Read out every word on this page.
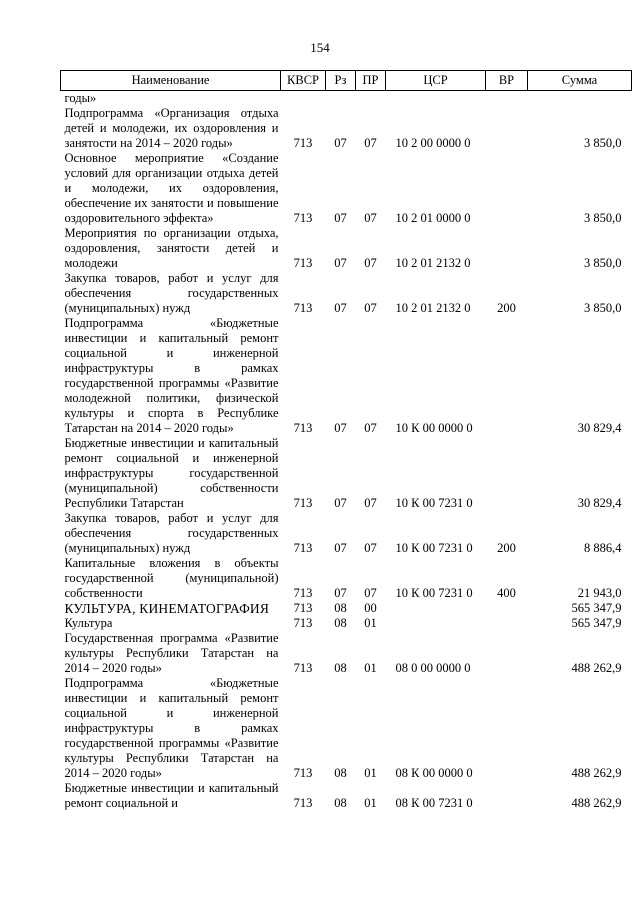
154
Наименование	КВСР	Рз	ПР	ЦСР	ВР	Сумма

годы»						

Подпрограмма «Организация отдыха детей и молодежи, их оздоровления и занятости на 2014 – 2020 годы»	713	07	07	10 2 00 0000 0		3 850,0
Основное мероприятие «Создание условий для организации отдыха детей и молодежи, их оздоровления, обеспечение их занятости и повышение оздоровительного эффекта»	713	07	07	10 2 01 0000 0		3 850,0
Мероприятия по организации отдыха, оздоровления, занятости детей и молодежи	713	07	07	10 2 01 2132 0		3 850,0
Закупка товаров, работ и услуг для обеспечения государственных (муниципальных) нужд	713	07	07	10 2 01 2132 0	200	3 850,0
Подпрограмма «Бюджетные инвестиции и капитальный ремонт социальной и инженерной инфраструктуры в рамках государственной программы «Развитие молодежной политики, физической культуры и спорта в Республике Татарстан на 2014 – 2020 годы»	713	07	07	10 К 00 0000 0		30 829,4
Бюджетные инвестиции и капитальный ремонт социальной и инженерной инфраструктуры государственной (муниципальной) собственности Республики Татарстан	713	07	07	10 К 00 7231 0		30 829,4
Закупка товаров, работ и услуг для обеспечения государственных (муниципальных) нужд	713	07	07	10 К 00 7231 0	200	8 886,4
Капитальные вложения в объекты государственной (муниципальной) собственности	713	07	07	10 К 00 7231 0	400	21 943,0
КУЛЬТУРА, КИНЕМАТОГРАФИЯ	713	08	00			565 347,9
Культура	713	08	01			565 347,9
Государственная программа «Развитие культуры Республики Татарстан на 2014 – 2020 годы»	713	08	01	08 0 00 0000 0		488 262,9
Подпрограмма «Бюджетные инвестиции и капитальный ремонт социальной и инженерной инфраструктуры в рамках государственной программы «Развитие культуры Республики Татарстан на 2014 – 2020 годы»	713	08	01	08 К 00 0000 0		488 262,9
Бюджетные инвестиции и капитальный ремонт социальной и	713	08	01	08 К 00 7231 0		488 262,9
